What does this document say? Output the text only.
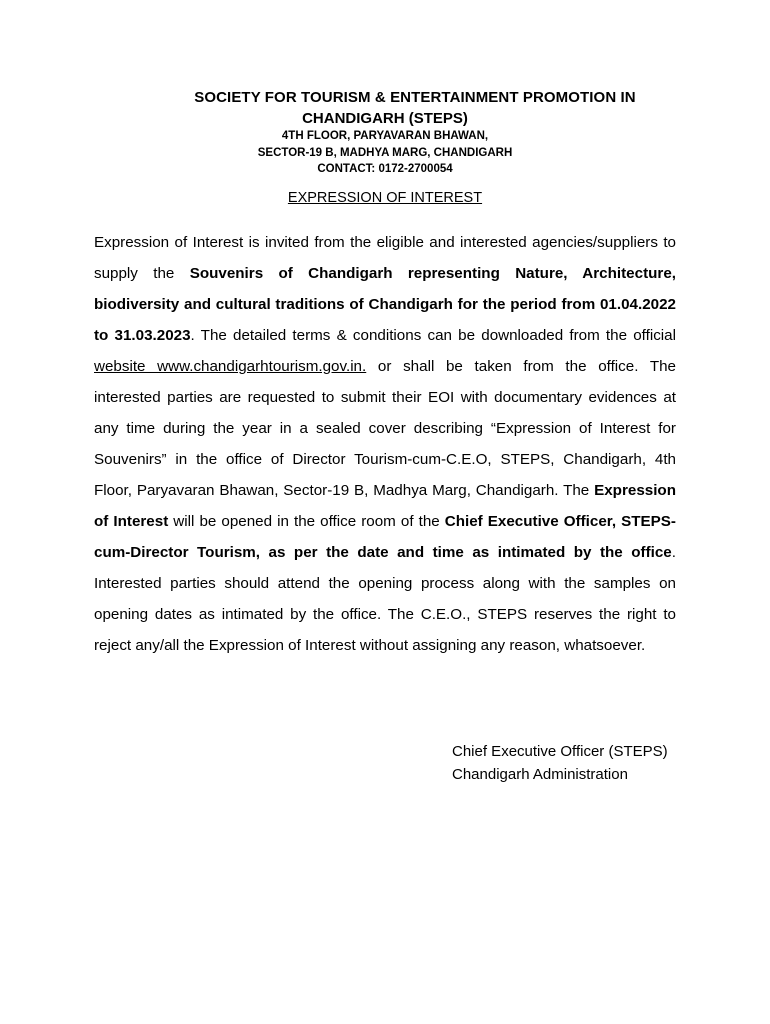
SOCIETY FOR TOURISM & ENTERTAINMENT PROMOTION IN
CHANDIGARH (STEPS)
4TH FLOOR, PARYAVARAN BHAWAN,
SECTOR-19 B, MADHYA MARG, CHANDIGARH
CONTACT: 0172-2700054
EXPRESSION OF INTEREST

Expression of Interest is invited from the eligible and interested agencies/suppliers to supply the Souvenirs of Chandigarh representing Nature, Architecture, biodiversity and cultural traditions of Chandigarh for the period from 01.04.2022 to 31.03.2023. The detailed terms & conditions can be downloaded from the official website www.chandigarhtourism.gov.in. or shall be taken from the office. The interested parties are requested to submit their EOI with documentary evidences at any time during the year in a sealed cover describing “Expression of Interest for Souvenirs” in the office of Director Tourism-cum-C.E.O, STEPS, Chandigarh, 4th Floor, Paryavaran Bhawan, Sector-19 B, Madhya Marg, Chandigarh. The Expression of Interest will be opened in the office room of the Chief Executive Officer, STEPS-cum-Director Tourism, as per the date and time as intimated by the office. Interested parties should attend the opening process along with the samples on opening dates as intimated by the office. The C.E.O., STEPS reserves the right to reject any/all the Expression of Interest without assigning any reason, whatsoever.

Chief Executive Officer (STEPS)
Chandigarh Administration
